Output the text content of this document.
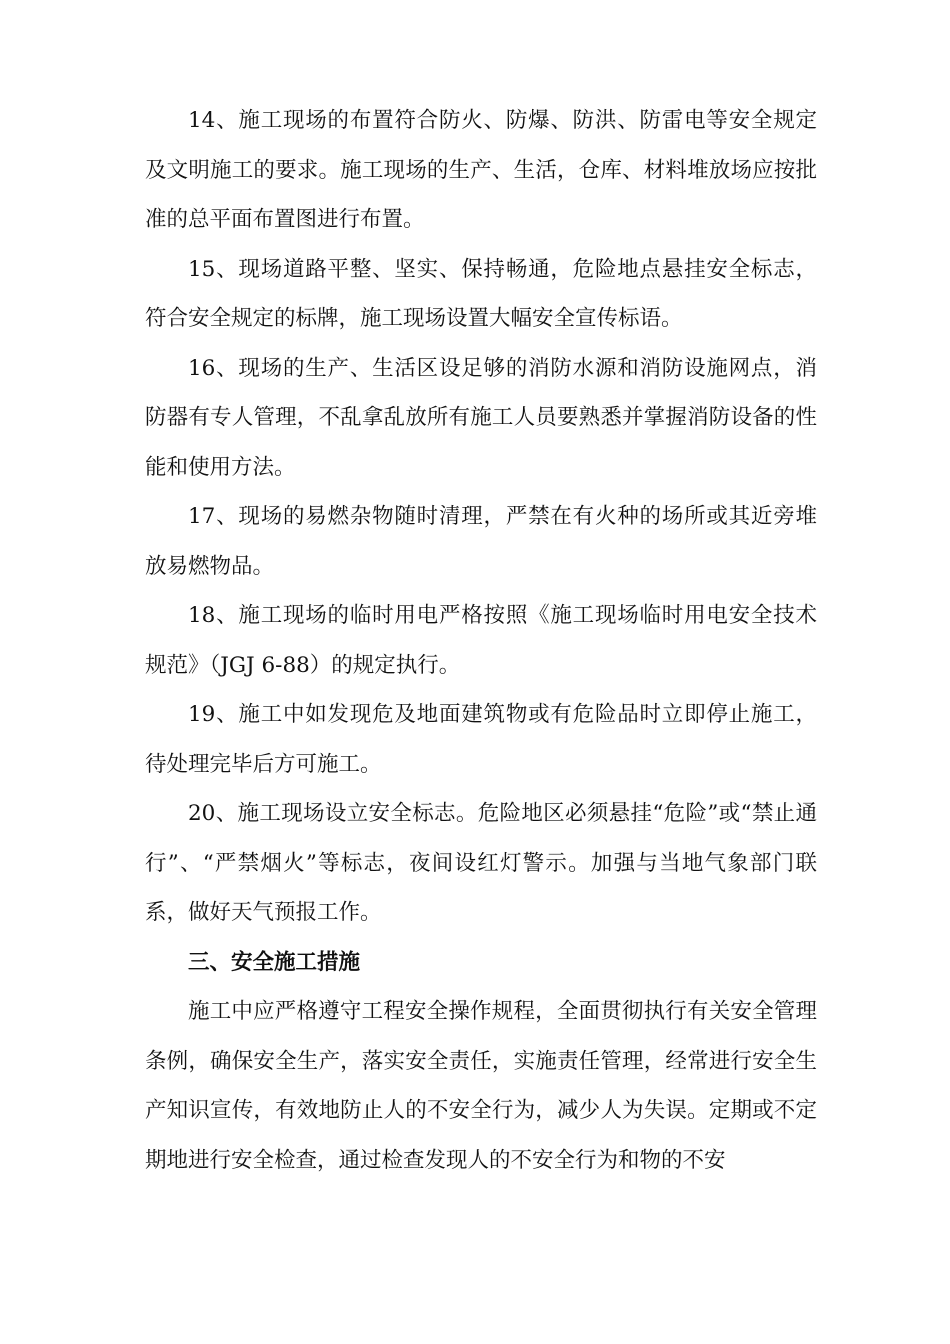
14、施工现场的布置符合防火、防爆、防洪、防雷电等安全规定及文明施工的要求。施工现场的生产、生活，仓库、材料堆放场应按批准的总平面布置图进行布置。

15、现场道路平整、坚实、保持畅通，危险地点悬挂安全标志，符合安全规定的标牌，施工现场设置大幅安全宣传标语。

16、现场的生产、生活区设足够的消防水源和消防设施网点，消防器有专人管理，不乱拿乱放所有施工人员要熟悉并掌握消防设备的性能和使用方法。

17、现场的易燃杂物随时清理，严禁在有火种的场所或其近旁堆放易燃物品。

18、施工现场的临时用电严格按照《施工现场临时用电安全技术规范》（JGJ 6-88）的规定执行。

19、施工中如发现危及地面建筑物或有危险品时立即停止施工，待处理完毕后方可施工。

20、施工现场设立安全标志。危险地区必须悬挂“危险”或“禁止通行”、“严禁烟火”等标志，夜间设红灯警示。加强与当地气象部门联系，做好天气预报工作。

三、安全施工措施

施工中应严格遵守工程安全操作规程，全面贯彻执行有关安全管理条例，确保安全生产，落实安全责任，实施责任管理，经常进行安全生产知识宣传，有效地防止人的不安全行为，减少人为失误。定期或不定期地进行安全检查，通过检查发现人的不安全行为和物的不安
